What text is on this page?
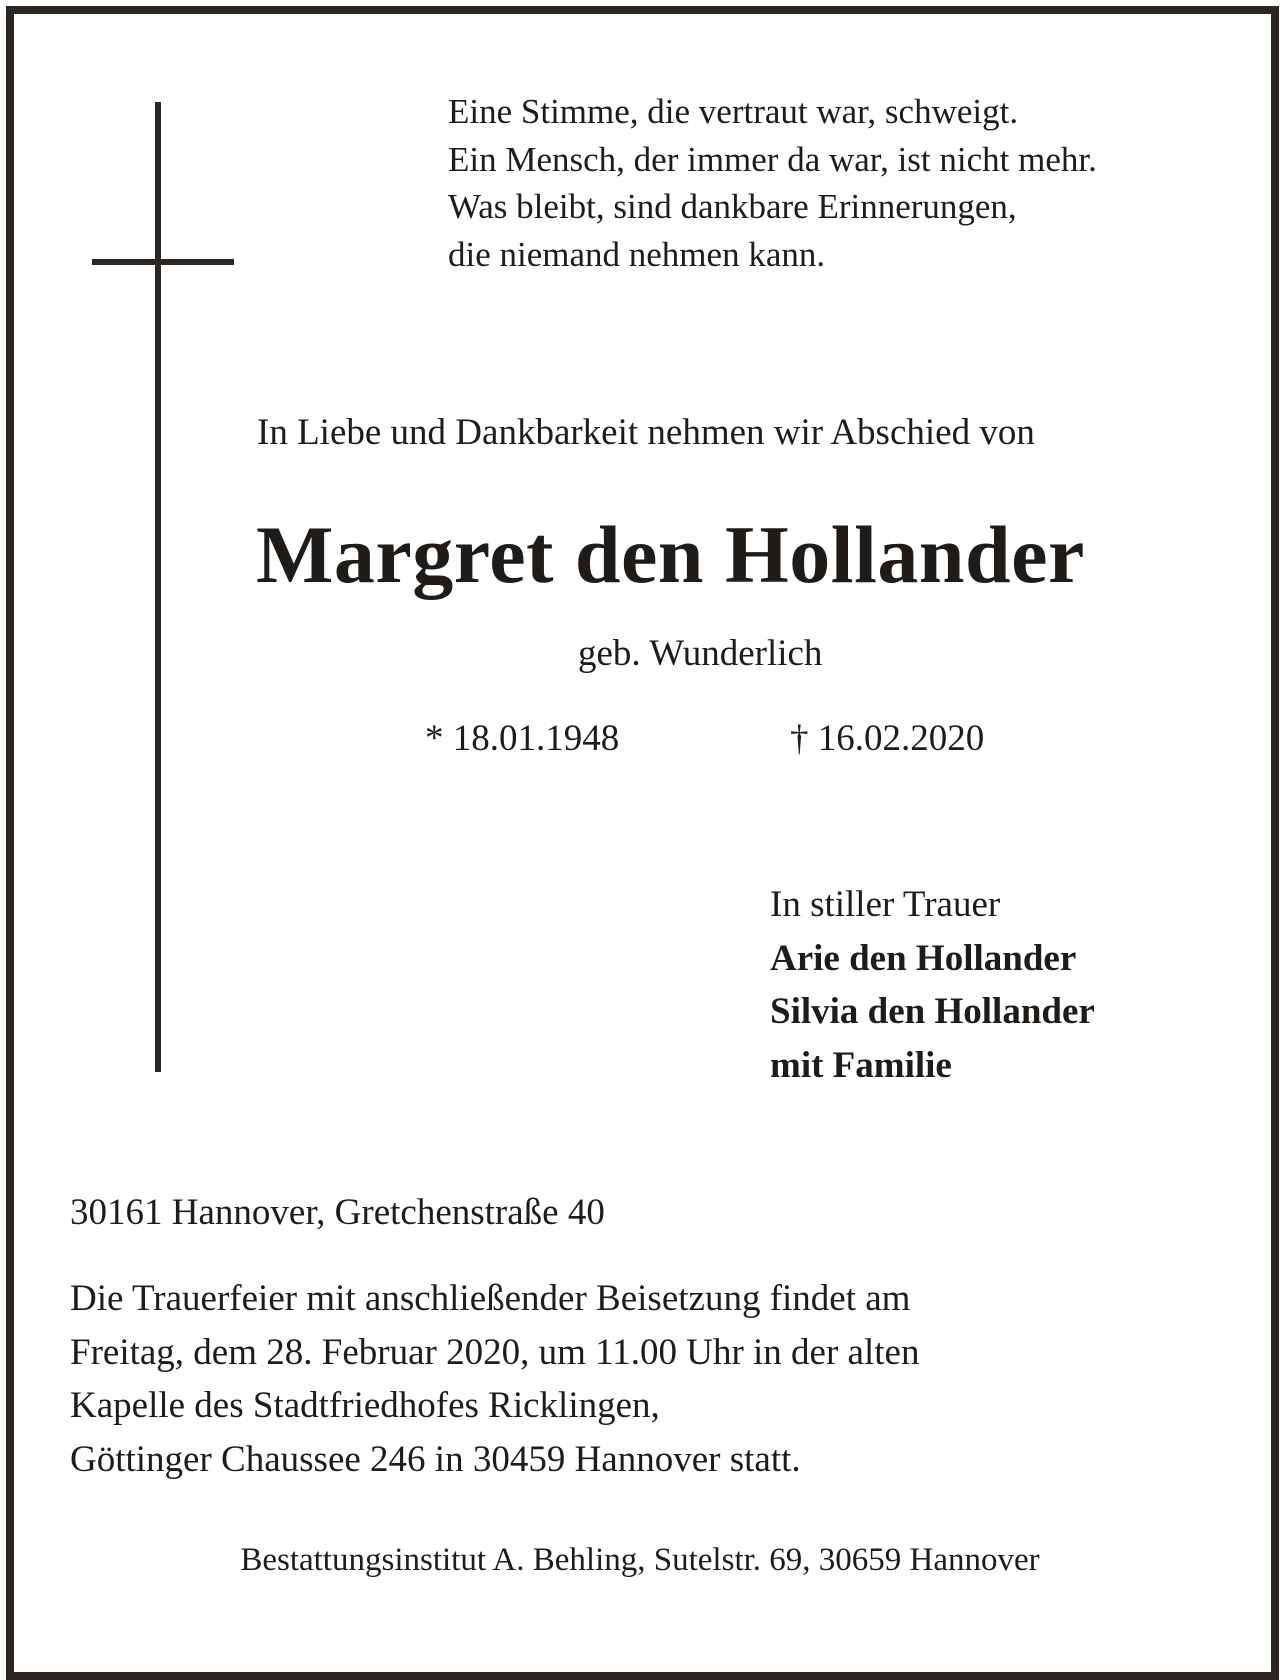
Eine Stimme, die vertraut war, schweigt.
Ein Mensch, der immer da war, ist nicht mehr.
Was bleibt, sind dankbare Erinnerungen,
die niemand nehmen kann.
In Liebe und Dankbarkeit nehmen wir Abschied von
Margret den Hollander
geb. Wunderlich
* 18.01.1948	† 16.02.2020
In stiller Trauer
Arie den Hollander
Silvia den Hollander
mit Familie
30161 Hannover, Gretchenstraße 40
Die Trauerfeier mit anschließender Beisetzung findet am
Freitag, dem 28. Februar 2020, um 11.00 Uhr in der alten
Kapelle des Stadtfriedhofes Ricklingen,
Göttinger Chaussee 246 in 30459 Hannover statt.
Bestattungsinstitut A. Behling, Sutelstr. 69, 30659 Hannover
